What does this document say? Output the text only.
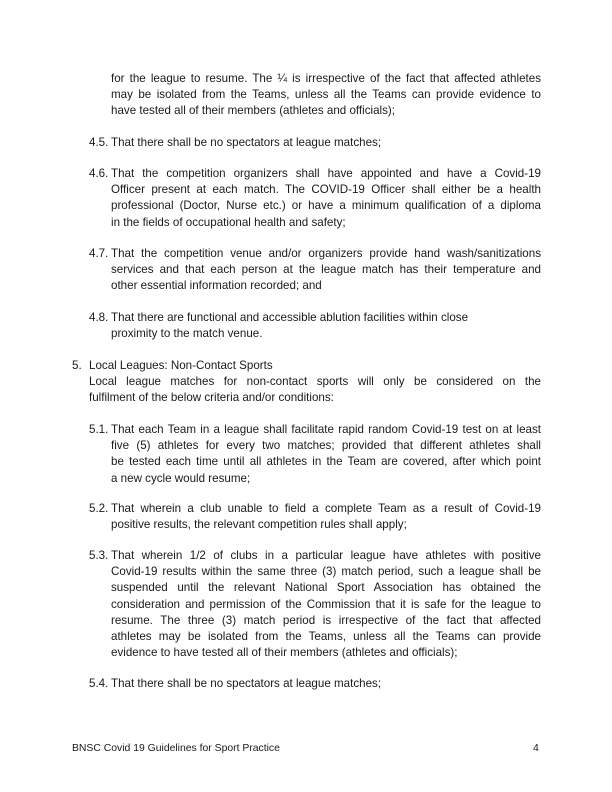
for the league to resume. The ¼ is irrespective of the fact that affected athletes
may be isolated from the Teams, unless all the Teams can provide evidence to
have tested all of their members (athletes and officials);
4.5. That there shall be no spectators at league matches;
4.6. That the competition organizers shall have appointed and have a Covid-19
Officer present at each match. The COVID-19 Officer shall either be a health
professional (Doctor, Nurse etc.) or have a minimum qualification of a diploma
in the fields of occupational health and safety;
4.7. That the competition venue and/or organizers provide hand wash/sanitizations
services and that each person at the league match has their temperature and
other essential information recorded; and
4.8. That there are functional and accessible ablution facilities within close
proximity to the match venue.
5. Local Leagues: Non-Contact Sports
Local league matches for non-contact sports will only be considered on the
fulfilment of the below criteria and/or conditions:
5.1. That each Team in a league shall facilitate rapid random Covid-19 test on at least
five (5) athletes for every two matches; provided that different athletes shall
be tested each time until all athletes in the Team are covered, after which point
a new cycle would resume;
5.2. That wherein a club unable to field a complete Team as a result of Covid-19
positive results, the relevant competition rules shall apply;
5.3. That wherein 1/2 of clubs in a particular league have athletes with positive
Covid-19 results within the same three (3) match period, such a league shall be
suspended until the relevant National Sport Association has obtained the
consideration and permission of the Commission that it is safe for the league to
resume. The three (3) match period is irrespective of the fact that affected
athletes may be isolated from the Teams, unless all the Teams can provide
evidence to have tested all of their members (athletes and officials);
5.4. That there shall be no spectators at league matches;
BNSC Covid 19 Guidelines for Sport Practice	4
